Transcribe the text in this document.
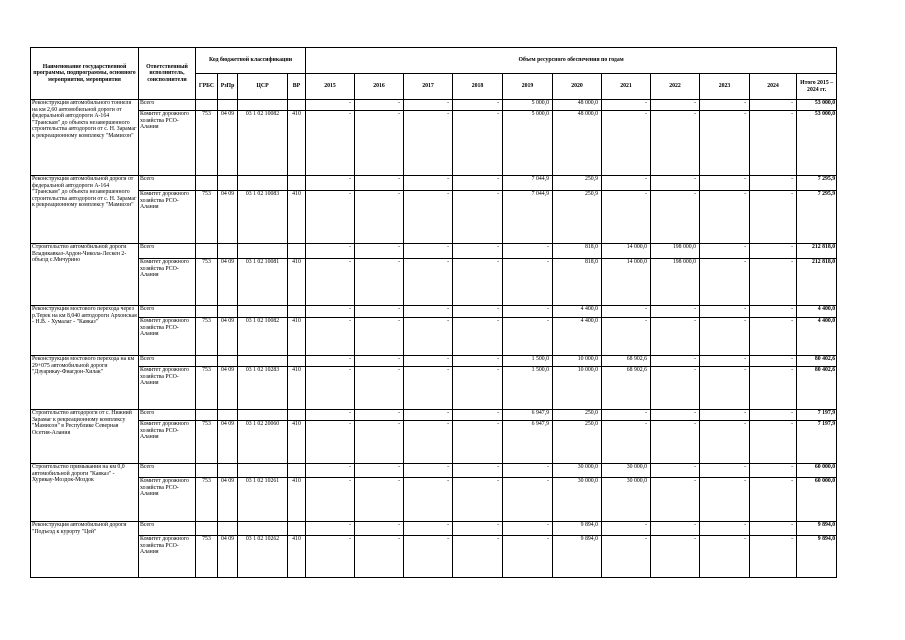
Наименование государственной программы, подпрограммы, основного мероприятия, мероприятия	Ответственный исполнитель, соисполнители	Код бюджетной классификации				Объем ресурсного обеспечения по годам										
		ГРБС	РзПр	ЦСР	ВР	2015	2016	2017	2018	2019	2020	2021	2022	2023	2024	Итого 2015 – 2024 гг.
Реконструкция автомобильного тоннеля на км 2,60 автомобильной дороги от федеральной автодороги А-164 "Транскам" до объекта незавершенного строительства автодороги от с. Н. Зарамаг к рекреационному комплексу "Мамисон"	Всего					-	-	-	-	5 000,0	48 000,0	-	-	-	-	53 000,0
	Комитет дорожного хозяйства РСО-Алания	753	04 09	03 1 02 10082	410	-	-	-	-	5 000,0	48 000,0	-	-	-	-	53 000,0
Реконструкция автомобильной дороги от федеральной автодороги А-164 "Транскам" до объекта незавершенного строительства автодороги от с. Н. Зарамаг к рекреационному комплексу "Мамисон"	Всего					-	-	-	-	7 044,9	250,9	-	-	-	-	7 295,9
	Комитет дорожного хозяйства РСО-Алания	753	04 09	03 1 02 10083	410	-	-	-	-	7 044,9	250,9	-	-	-	-	7 295,9
Строительство автомобильной дороги Владикавказ-Ардон-Чикола-Лескен 2-объезд с.Мичурино	Всего					-	-	-	-	-	818,0	14 000,0	198 000,0	-	-	212 818,0
	Комитет дорожного хозяйства РСО-Алания	753	04 09	03 1 02 10081	410	-	-	-	-	-	818,0	14 000,0	198 000,0	-	-	212 818,0
Реконструкция мостового перехода через р.Терек на км 8,040 автодороги Архонская - Н.В. - Хумалаг - "Кавказ"	Всего					-	-	-	-	-	4 400,0	-	-	-	-	4 400,0
	Комитет дорожного хозяйства РСО-Алания	753	04 09	03 1 02 10082	410	-	-	-	-	-	4 400,0	-	-	-	-	4 400,0
Реконструкция мостового перехода на км 29+075 автомобильной дороги "Дзуарикау-Фиагдон-Хилак"	Всего					-	-	-	-	1 500,0	10 000,0	68 902,6	-	-	-	80 402,6
	Комитет дорожного хозяйства РСО-Алания	753	04 09	03 1 02 10283	410	-	-	-	-	1 500,0	10 000,0	68 902,6	-	-	-	80 402,6
Строительство автодороги от с. Нижний Зарамаг к рекреационному комплексу "Мамисон" в Республике Северная Осетия-Алания	Всего					-	-	-	-	6 947,9	250,0	-	-	-	-	7 197,9
	Комитет дорожного хозяйства РСО-Алания	753	04 09	03 1 02 20060	410	-	-	-	-	6 947,9	250,0	-	-	-	-	7 197,9
Строительство примыкания на км 0,0 автомобильной дороги "Кавказ" - Хурикау-Моздок-Моздок	Всего					-	-	-	-	-	30 000,0	30 000,0	-	-	-	60 000,0
	Комитет дорожного хозяйства РСО-Алания	753	04 09	03 1 02 10261	410	-	-	-	-	-	30 000,0	30 000,0	-	-	-	60 000,0
Реконструкция автомобильной дороги "Подъезд к курорту "Цей"	Всего					-	-	-	-	-	9 894,0	-	-	-	-	9 894,0
	Комитет дорожного хозяйства РСО-Алания	753	04 09	03 1 02 10262	410	-	-	-	-	-	9 894,0	-	-	-	-	9 894,0
